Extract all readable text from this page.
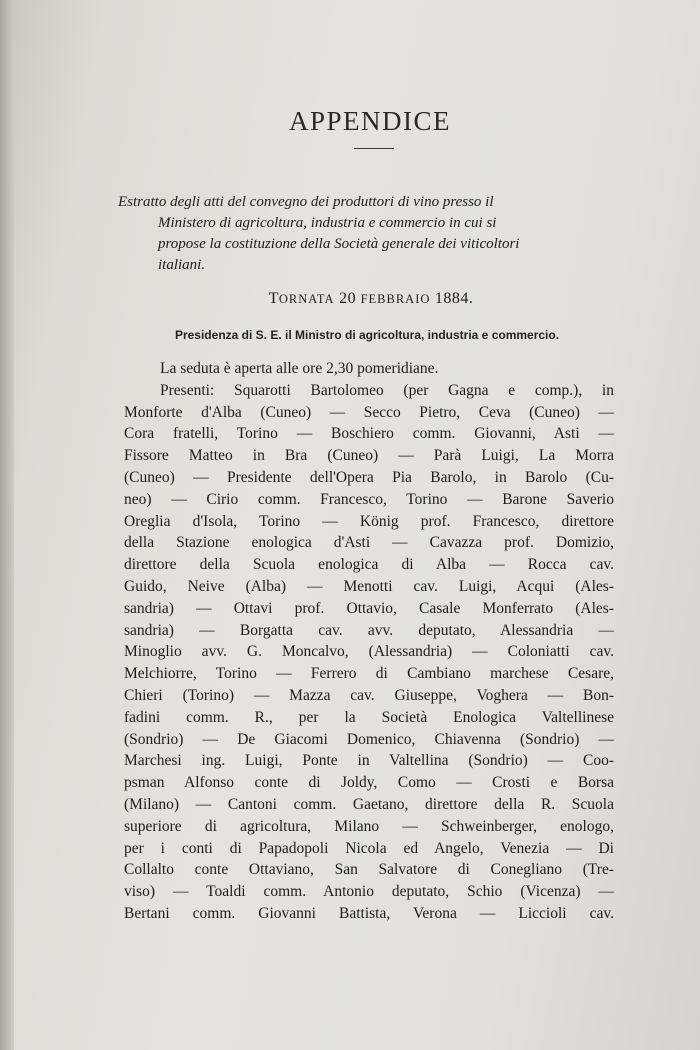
APPENDICE
Estratto degli atti del convegno dei produttori di vino presso il
Ministero di agricoltura, industria e commercio in cui si
propose la costituzione della Società generale dei viticoltori
italiani.
TORNATA 20 FEBBRAIO 1884.
Presidenza di S. E. il Ministro di agricoltura, industria e commercio.
La seduta è aperta alle ore 2,30 pomeridiane.
Presenti: Squarotti Bartolomeo (per Gagna e comp.), in
Monforte d'Alba (Cuneo) — Secco Pietro, Ceva (Cuneo) —
Cora fratelli, Torino — Boschiero comm. Giovanni, Asti —
Fissore Matteo in Bra (Cuneo) — Parà Luigi, La Morra
(Cuneo) — Presidente dell'Opera Pia Barolo, in Barolo (Cu-
neo) — Cirio comm. Francesco, Torino — Barone Saverio
Oreglia d'Isola, Torino — König prof. Francesco, direttore
della Stazione enologica d'Asti — Cavazza prof. Domizio,
direttore della Scuola enologica di Alba — Rocca cav.
Guido, Neive (Alba) — Menotti cav. Luigi, Acqui (Ales-
sandria) — Ottavi prof. Ottavio, Casale Monferrato (Ales-
sandria) — Borgatta cav. avv. deputato, Alessandria —
Minoglio avv. G. Moncalvo, (Alessandria) — Coloniatti cav.
Melchiorre, Torino — Ferrero di Cambiano marchese Cesare,
Chieri (Torino) — Mazza cav. Giuseppe, Voghera — Bon-
fadini comm. R., per la Società Enologica Valtellinese
(Sondrio) — De Giacomi Domenico, Chiavenna (Sondrio) —
Marchesi ing. Luigi, Ponte in Valtellina (Sondrio) — Coo-
psman Alfonso conte di Joldy, Como — Crosti e Borsa
(Milano) — Cantoni comm. Gaetano, direttore della R. Scuola
superiore di agricoltura, Milano — Schweinberger, enologo,
per i conti di Papadopoli Nicola ed Angelo, Venezia — Di
Collalto conte Ottaviano, San Salvatore di Conegliano (Tre-
viso) — Toaldi comm. Antonio deputato, Schio (Vicenza) —
Bertani comm. Giovanni Battista, Verona — Liccioli cav.
